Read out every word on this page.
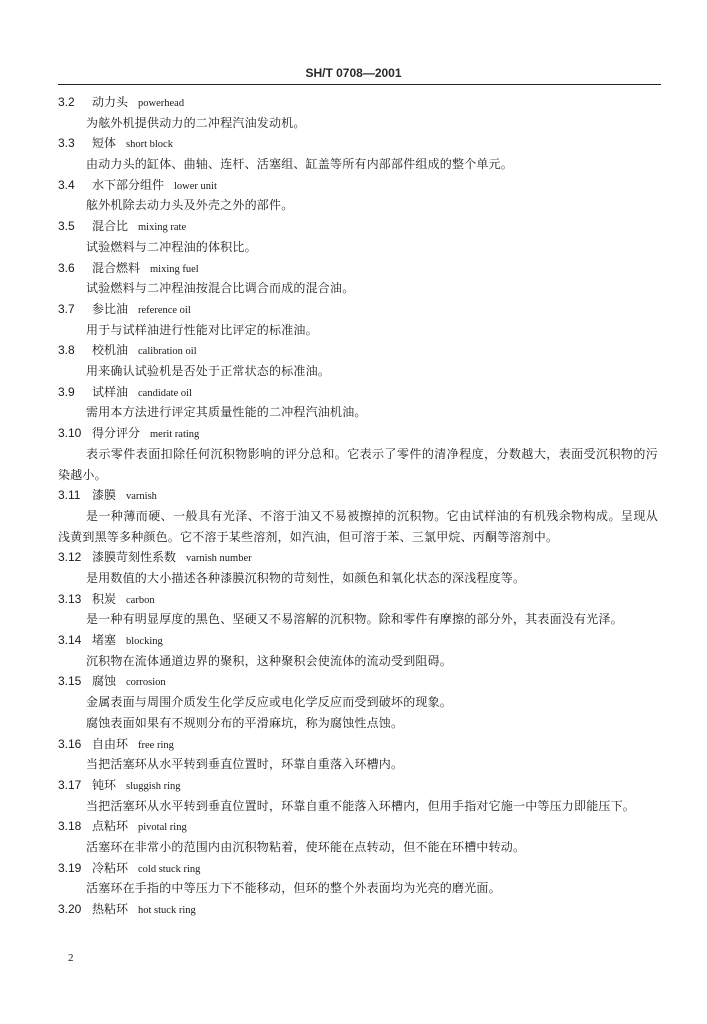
SH/T 0708—2001
3.2 动力头 powerhead

为舷外机提供动力的二冲程汽油发动机。

3.3 短体 short block

由动力头的缸体、曲轴、连杆、活塞组、缸盖等所有内部部件组成的整个单元。

3.4 水下部分组件 lower unit

舷外机除去动力头及外壳之外的部件。

3.5 混合比 mixing rate

试验燃料与二冲程油的体积比。

3.6 混合燃料 mixing fuel

试验燃料与二冲程油按混合比调合而成的混合油。

3.7 参比油 reference oil

用于与试样油进行性能对比评定的标准油。

3.8 校机油 calibration oil

用来确认试验机是否处于正常状态的标准油。

3.9 试样油 candidate oil

需用本方法进行评定其质量性能的二冲程汽油机油。

3.10 得分评分 merit rating

表示零件表面扣除任何沉积物影响的评分总和。它表示了零件的清净程度，分数越大，表面受沉积物的污染越小。

3.11 漆膜 varnish

是一种薄而硬、一般具有光泽、不溶于油又不易被擦掉的沉积物。它由试样油的有机残余物构成。呈现从浅黄到黑等多种颜色。它不溶于某些溶剂，如汽油，但可溶于苯、三氯甲烷、丙酮等溶剂中。

3.12 漆膜苛刻性系数 varnish number

是用数值的大小描述各种漆膜沉积物的苛刻性，如颜色和氧化状态的深浅程度等。

3.13 积炭 carbon

是一种有明显厚度的黑色、坚硬又不易溶解的沉积物。除和零件有摩擦的部分外，其表面没有光泽。

3.14 堵塞 blocking

沉积物在流体通道边界的聚积，这种聚积会使流体的流动受到阻碍。

3.15 腐蚀 corrosion

金属表面与周围介质发生化学反应或电化学反应而受到破坏的现象。

腐蚀表面如果有不规则分布的平滑麻坑，称为腐蚀性点蚀。

3.16 自由环 free ring

当把活塞环从水平转到垂直位置时，环靠自重落入环槽内。

3.17 钝环 sluggish ring

当把活塞环从水平转到垂直位置时，环靠自重不能落入环槽内，但用手指对它施一中等压力即能压下。

3.18 点粘环 pivotal ring

活塞环在非常小的范围内由沉积物粘着，使环能在点转动，但不能在环槽中转动。

3.19 冷粘环 cold stuck ring

活塞环在手指的中等压力下不能移动，但环的整个外表面均为光亮的磨光面。

3.20 热粘环 hot stuck ring
2
